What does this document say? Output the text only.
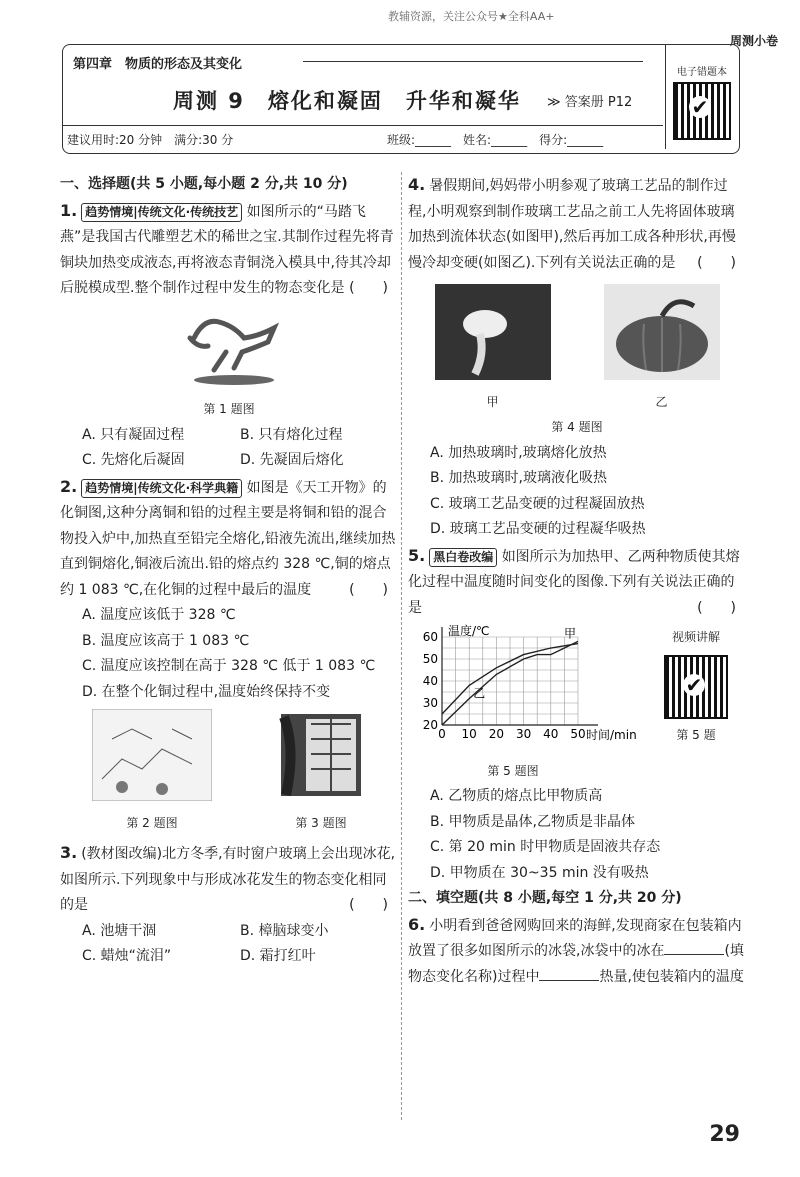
教辅资源，关注公众号★全科AA+
周测小卷
第四章　物质的形态及其变化
周测 9　熔化和凝固　升华和凝华 ≫ 答案册 P12
建议用时:20 分钟　满分:30 分	班级:______　姓名:______　得分:______
电子错题本
✔
一、选择题(共 5 小题,每小题 2 分,共 10 分)

1. 趋势情境|传统文化·传统技艺 如图所示的“马踏飞燕”是我国古代雕塑艺术的稀世之宝.其制作过程先将青铜块加热变成液态,再将液态青铜浇入模具中,待其冷却后脱模成型.整个制作过程中发生的物态变化是 (　　)

第 1 题图
A. 只有凝固过程	B. 只有熔化过程
C. 先熔化后凝固	D. 先凝固后熔化

2. 趋势情境|传统文化·科学典籍 如图是《天工开物》的化铜图,这种分离铜和铅的过程主要是将铜和铅的混合物投入炉中,加热直至铅完全熔化,铅液先流出,继续加热直到铜熔化,铜液后流出.铅的熔点约 328 ℃,铜的熔点约 1 083 ℃,在化铜的过程中最后的温度	(　　)

A. 温度应该低于 328 ℃
B. 温度应该高于 1 083 ℃
C. 温度应该控制在高于 328 ℃ 低于 1 083 ℃
D. 在整个化铜过程中,温度始终保持不变
第 2 题图	第 3 题图

3. (教材图改编)北方冬季,有时窗户玻璃上会出现冰花,如图所示.下列现象中与形成冰花发生的物态变化相同的是	(　　)

A. 池塘干涸	B. 樟脑球变小
C. 蜡烛“流泪”	D. 霜打红叶

4. 暑假期间,妈妈带小明参观了玻璃工艺品的制作过程,小明观察到制作玻璃工艺品之前工人先将固体玻璃加热到流体状态(如图甲),然后再加工成各种形状,再慢慢冷却变硬(如图乙).下列有关说法正确的是 (　　)

甲	乙
第 4 题图
A. 加热玻璃时,玻璃熔化放热
B. 加热玻璃时,玻璃液化吸热
C. 玻璃工艺品变硬的过程凝固放热
D. 玻璃工艺品变硬的过程凝华吸热

5. 黑白卷改编 如图所示为加热甲、乙两种物质使其熔化过程中温度随时间变化的图像.下列有关说法正确的是	(　　)

0 10 20 30 40 50
20
30
40
50
60
时间/min
温度/℃	甲
乙
第 5 题图
视频讲解
✔
第 5 题
A. 乙物质的熔点比甲物质高
B. 甲物质是晶体,乙物质是非晶体
C. 第 20 min 时甲物质是固液共存态
D. 甲物质在 30~35 min 没有吸热
二、填空题(共 8 小题,每空 1 分,共 20 分)

6. 小明看到爸爸网购回来的海鲜,发现商家在包装箱内放置了很多如图所示的冰袋,冰袋中的冰在	(填物态变化名称)过程中	热量,使包装箱内的温度

29
